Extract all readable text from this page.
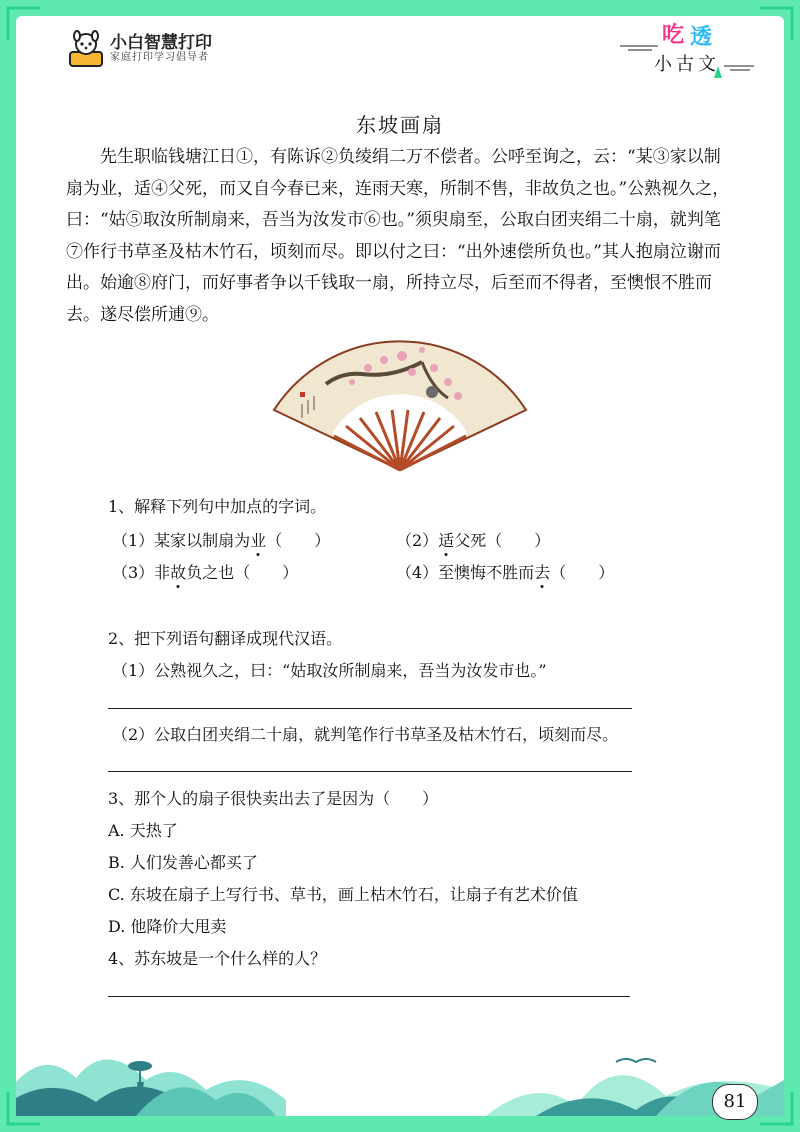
小白智慧打印
家庭打印学习倡导者
吃 透
小古文
东坡画扇

先生职临钱塘江日①，有陈诉②负绫绢二万不偿者。公呼至询之，云：“某③家以制扇为业，适④父死，而又自今春已来，连雨天寒，所制不售，非故负之也。”公熟视久之，曰：“姑⑤取汝所制扇来，吾当为汝发市⑥也。”须臾扇至，公取白团夹绢二十扇，就判笔⑦作行书草圣及枯木竹石，顷刻而尽。即以付之曰：“出外速偿所负也。”其人抱扇泣谢而出。始逾⑧府门，而好事者争以千钱取一扇，所持立尽，后至而不得者，至懊恨不胜而去。遂尽偿所逋⑨。

1、解释下列句中加点的字词。
（1）某家以制扇为业（　　）	（2）适父死（　　）
（3）非故负之也（　　）	（4）至懊悔不胜而去（　　）
2、把下列语句翻译成现代汉语。
（1）公熟视久之，曰：“姑取汝所制扇来，吾当为汝发市也。”
（2）公取白团夹绢二十扇，就判笔作行书草圣及枯木竹石，顷刻而尽。
3、那个人的扇子很快卖出去了是因为（　　）
A. 天热了
B. 人们发善心都买了
C. 东坡在扇子上写行书、草书，画上枯木竹石，让扇子有艺术价值
D. 他降价大甩卖
4、苏东坡是一个什么样的人？
81
